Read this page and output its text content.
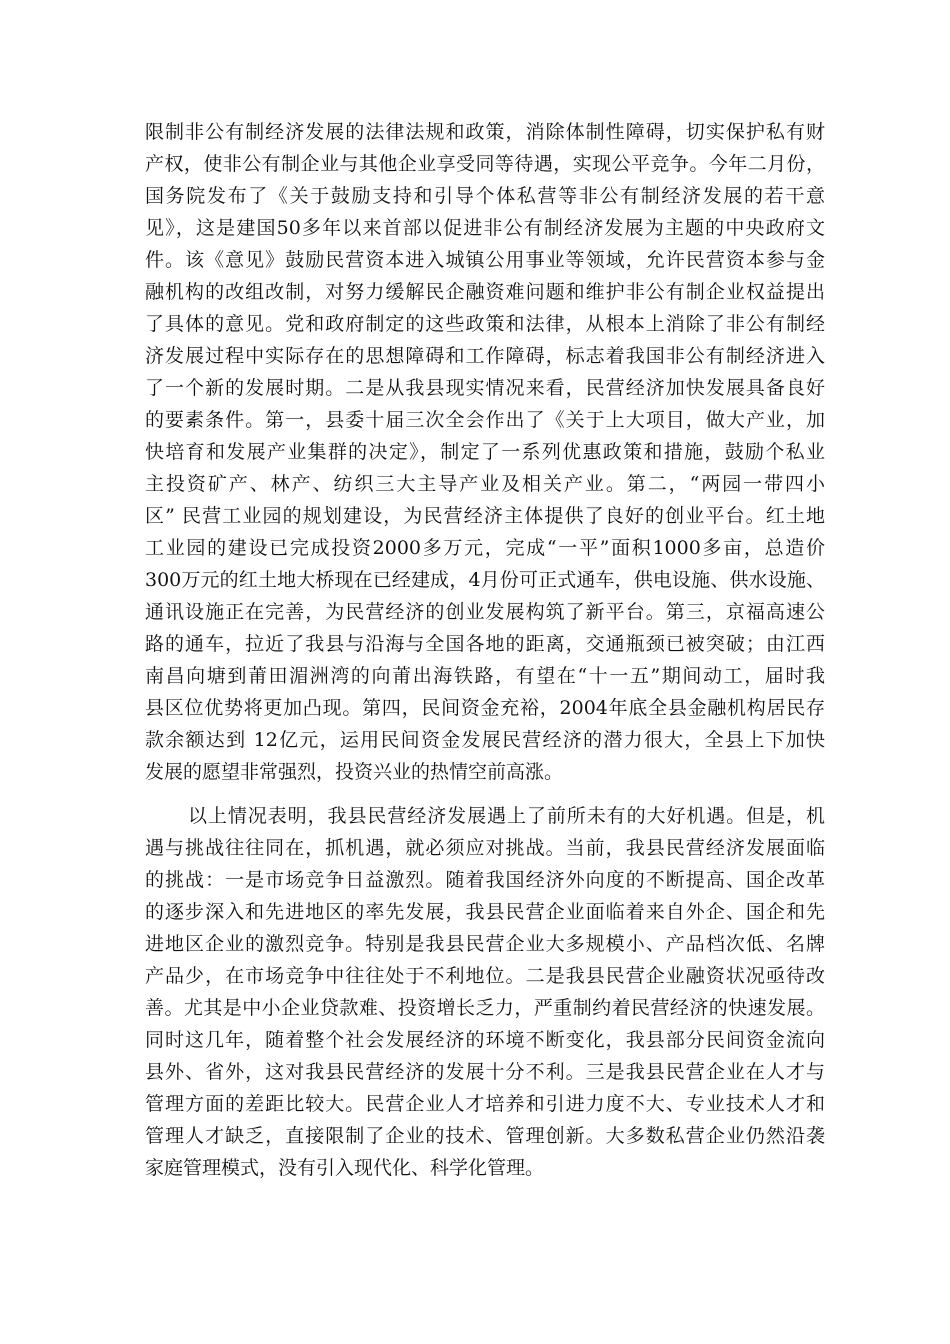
限制非公有制经济发展的法律法规和政策，消除体制性障碍，切实保护私有财
产权，使非公有制企业与其他企业享受同等待遇，实现公平竞争。今年二月份，
国务院发布了《关于鼓励支持和引导个体私营等非公有制经济发展的若干意
见》，这是建国50多年以来首部以促进非公有制经济发展为主题的中央政府文
件。该《意见》鼓励民营资本进入城镇公用事业等领域，允许民营资本参与金
融机构的改组改制，对努力缓解民企融资难问题和维护非公有制企业权益提出
了具体的意见。党和政府制定的这些政策和法律，从根本上消除了非公有制经
济发展过程中实际存在的思想障碍和工作障碍，标志着我国非公有制经济进入
了一个新的发展时期。二是从我县现实情况来看，民营经济加快发展具备良好
的要素条件。第一，县委十届三次全会作出了《关于上大项目，做大产业，加
快培育和发展产业集群的决定》，制定了一系列优惠政策和措施，鼓励个私业
主投资矿产、林产、纺织三大主导产业及相关产业。第二，“两园一带四小
区” 民营工业园的规划建设，为民营经济主体提供了良好的创业平台。红土地
工业园的建设已完成投资2000多万元，完成“一平”面积1000多亩，总造价
300万元的红土地大桥现在已经建成，4月份可正式通车，供电设施、供水设施、
通讯设施正在完善，为民营经济的创业发展构筑了新平台。第三，京福高速公
路的通车，拉近了我县与沿海与全国各地的距离，交通瓶颈已被突破；由江西
南昌向塘到莆田湄洲湾的向莆出海铁路，有望在“十一五”期间动工，届时我
县区位优势将更加凸现。第四，民间资金充裕，2004年底全县金融机构居民存
款余额达到 12亿元，运用民间资金发展民营经济的潜力很大，全县上下加快
发展的愿望非常强烈，投资兴业的热情空前高涨。
以上情况表明，我县民营经济发展遇上了前所未有的大好机遇。但是，机
遇与挑战往往同在，抓机遇，就必须应对挑战。当前，我县民营经济发展面临
的挑战：一是市场竞争日益激烈。随着我国经济外向度的不断提高、国企改革
的逐步深入和先进地区的率先发展，我县民营企业面临着来自外企、国企和先
进地区企业的激烈竞争。特别是我县民营企业大多规模小、产品档次低、名牌
产品少，在市场竞争中往往处于不利地位。二是我县民营企业融资状况亟待改
善。尤其是中小企业贷款难、投资增长乏力，严重制约着民营经济的快速发展。
同时这几年，随着整个社会发展经济的环境不断变化，我县部分民间资金流向
县外、省外，这对我县民营经济的发展十分不利。三是我县民营企业在人才与
管理方面的差距比较大。民营企业人才培养和引进力度不大、专业技术人才和
管理人才缺乏，直接限制了企业的技术、管理创新。大多数私营企业仍然沿袭
家庭管理模式，没有引入现代化、科学化管理。
